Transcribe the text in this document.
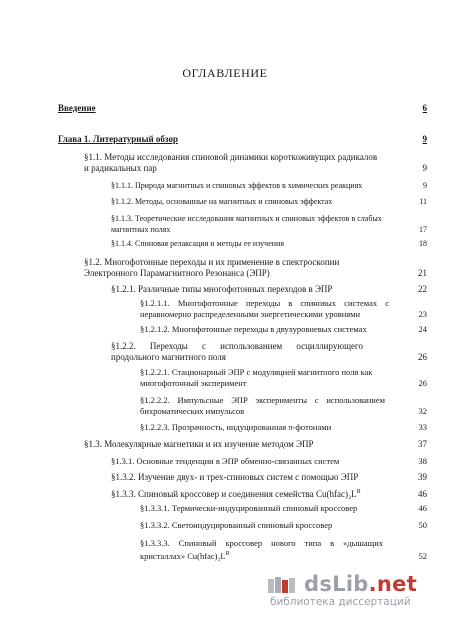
ОГЛАВЛЕНИЕ
Введение	6
Глава 1. Литературный обзор	9
§1.1. Методы исследования спиновой динамики короткоживущих радикалов и радикальных пар	9
§1.1.1. Природа магнитных и спиновых эффектов в химических реакциях	9
§1.1.2. Методы, основанные на магнитных и спиновых эффектах	11
§1.1.3. Теоретические исследования магнитных и спиновых эффектов в слабых магнитных полях	17
§1.1.4. Спиновая релаксация и методы ее изучения	18
§1.2. Многофотонные переходы и их применение в спектроскопии Электронного Парамагнитного Резонанса (ЭПР)	21
§1.2.1. Различные типы многофотонных переходов в ЭПР	22
§1.2.1.1. Многофотонные переходы в спиновых системах с неравномерно распределенными энергетическими уровнями	23
§1.2.1.2. Многофотонные переходы в двухуровневых системах	24
§1.2.2. Переходы с использованием осциллирующего продольного магнитного поля	26
§1.2.2.1. Стационарный ЭПР с модуляцией магнитного поля как многофотонный эксперимент	26
§1.2.2.2. Импульсные ЭПР эксперименты с использованием бихроматических импульсов	32
§1.2.2.3. Прозрачность, индуцированная π-фотонами	33
§1.3. Молекулярные магнетики и их изучение методом ЭПР	37
§1.3.1. Основные тенденции в ЭПР обменно-связанных систем	38
§1.3.2. Изучение двух- и трех-спиновых систем с помощью ЭПР	39
§1.3.3. Спиновый кроссовер и соединения семейства $Cu(hfac)_2L^R$	46
§1.3.3.1. Термически-индуцированный спиновый кроссовер	46
§1.3.3.2. Светоиндуцированный спиновый кроссовер	50
§1.3.3.3. Спиновый кроссовер нового типа в «дышащих кристаллах» $Cu(hfac)_2L^R$	52
dsLib.net
библиотека диссертаций
